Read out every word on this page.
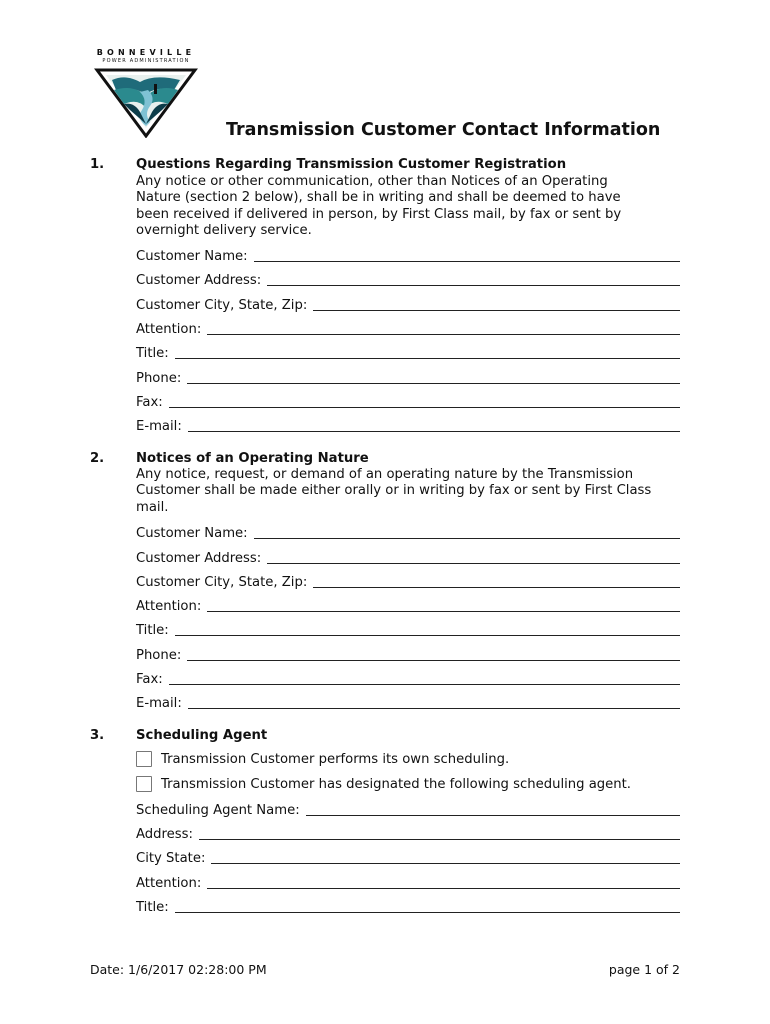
BONNEVILLE
POWER ADMINISTRATION
Transmission Customer Contact Information
1. Questions Regarding Transmission Customer Registration
Any notice or other communication, other than Notices of an Operating
Nature (section 2 below), shall be in writing and shall be deemed to have
been received if delivered in person, by First Class mail, by fax or sent by
overnight delivery service.
Customer Name:
Customer Address:
Customer City, State, Zip:
Attention:
Title:
Phone:
Fax:
E-mail:
2. Notices of an Operating Nature
Any notice, request, or demand of an operating nature by the Transmission
Customer shall be made either orally or in writing by fax or sent by First Class
mail.
Customer Name:
Customer Address:
Customer City, State, Zip:
Attention:
Title:
Phone:
Fax:
E-mail:
3. Scheduling Agent
Transmission Customer performs its own scheduling.
Transmission Customer has designated the following scheduling agent.
Scheduling Agent Name:
Address:
City State:
Attention:
Title:
Date: 1/6/2017 02:28:00 PM	page 1 of 2
